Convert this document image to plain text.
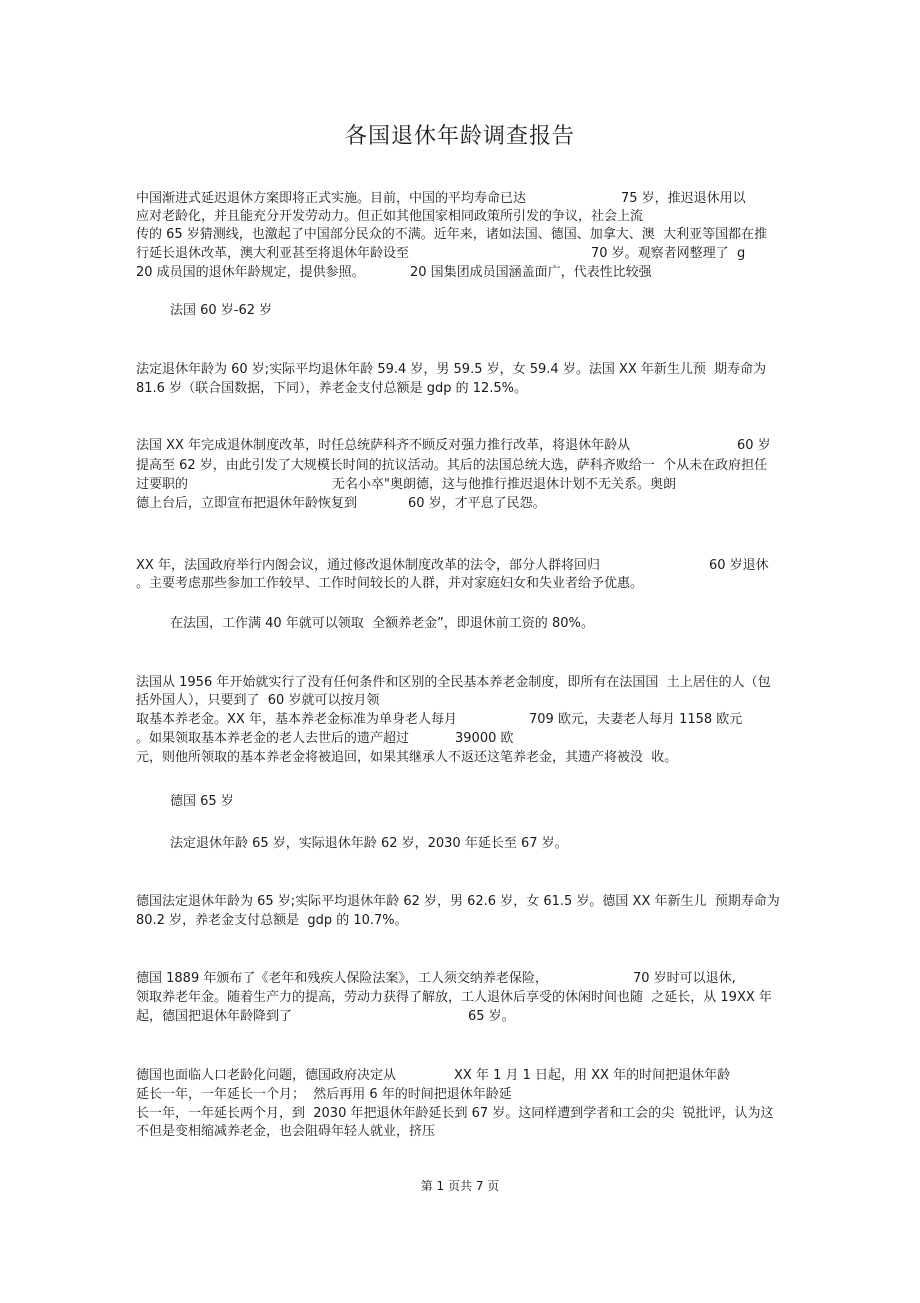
各国退休年龄调查报告
中国渐进式延迟退休方案即将正式实施。目前，中国的平均寿命已达	75 岁，推迟退休用以
应对老龄化，并且能充分开发劳动力。但正如其他国家相同政策所引发的争议，社会上流
传的 65 岁猜测线，也激起了中国部分民众的不满。近年来，诸如法国、德国、加拿大、澳  大利亚等国都在推
行延长退休改革，澳大利亚甚至将退休年龄设至	70 岁。观察者网整理了  g
20 成员国的退休年龄规定，提供参照。	20 国集团成员国涵盖面广，代表性比较强
法国 60 岁-62 岁
法定退休年龄为 60 岁;实际平均退休年龄 59.4 岁，男 59.5 岁，女 59.4 岁。法国 XX 年新生儿预  期寿命为
81.6 岁（联合国数据，下同），养老金支付总额是 gdp 的 12.5%。
法国 XX 年完成退休制度改革，时任总统萨科齐不顾反对强力推行改革，将退休年龄从	60 岁
提高至 62 岁，由此引发了大规模长时间的抗议活动。其后的法国总统大选，萨科齐败给一  个从未在政府担任
过要职的	无名小卒"奥朗德，这与他推行推迟退休计划不无关系。奥朗
德上台后，立即宣布把退休年龄恢复到	60 岁，才平息了民怨。
XX 年，法国政府举行内阁会议，通过修改退休制度改革的法令，部分人群将回归	60 岁退休
。主要考虑那些参加工作较早、工作时间较长的人群，并对家庭妇女和失业者给予优惠。
在法国，工作满 40 年就可以领取  全额养老金”，即退休前工资的 80%。
法国从 1956 年开始就实行了没有任何条件和区别的全民基本养老金制度，即所有在法国国  土上居住的人（包
括外国人），只要到了  60 岁就可以按月领
取基本养老金。XX 年，基本养老金标准为单身老人每月	709 欧元，夫妻老人每月 1158 欧元
。如果领取基本养老金的老人去世后的遗产超过	39000 欧
元，则他所领取的基本养老金将被追回，如果其继承人不返还这笔养老金，其遗产将被没  收。
德国 65 岁
法定退休年龄 65 岁，实际退休年龄 62 岁，2030 年延长至 67 岁。
德国法定退休年龄为 65 岁;实际平均退休年龄 62 岁，男 62.6 岁，女 61.5 岁。德国 XX 年新生儿  预期寿命为
80.2 岁，养老金支付总额是  gdp 的 10.7%。
德国 1889 年颁布了《老年和残疾人保险法案》，工人须交纳养老保险，	70 岁时可以退休,
领取养老年金。随着生产力的提高，劳动力获得了解放，工人退休后享受的休闲时间也随  之延长，从 19XX 年
起，德国把退休年龄降到了	65 岁。
德国也面临人口老龄化问题，德国政府决定从	XX 年 1 月 1 日起，用 XX 年的时间把退休年龄
延长一年，一年延长一个月；  然后再用 6 年的时间把退休年龄延
长一年，一年延长两个月，到  2030 年把退休年龄延长到 67 岁。这同样遭到学者和工会的尖  锐批评，认为这
不但是变相缩减养老金，也会阻碍年轻人就业，挤压
第 1 页共 7 页
